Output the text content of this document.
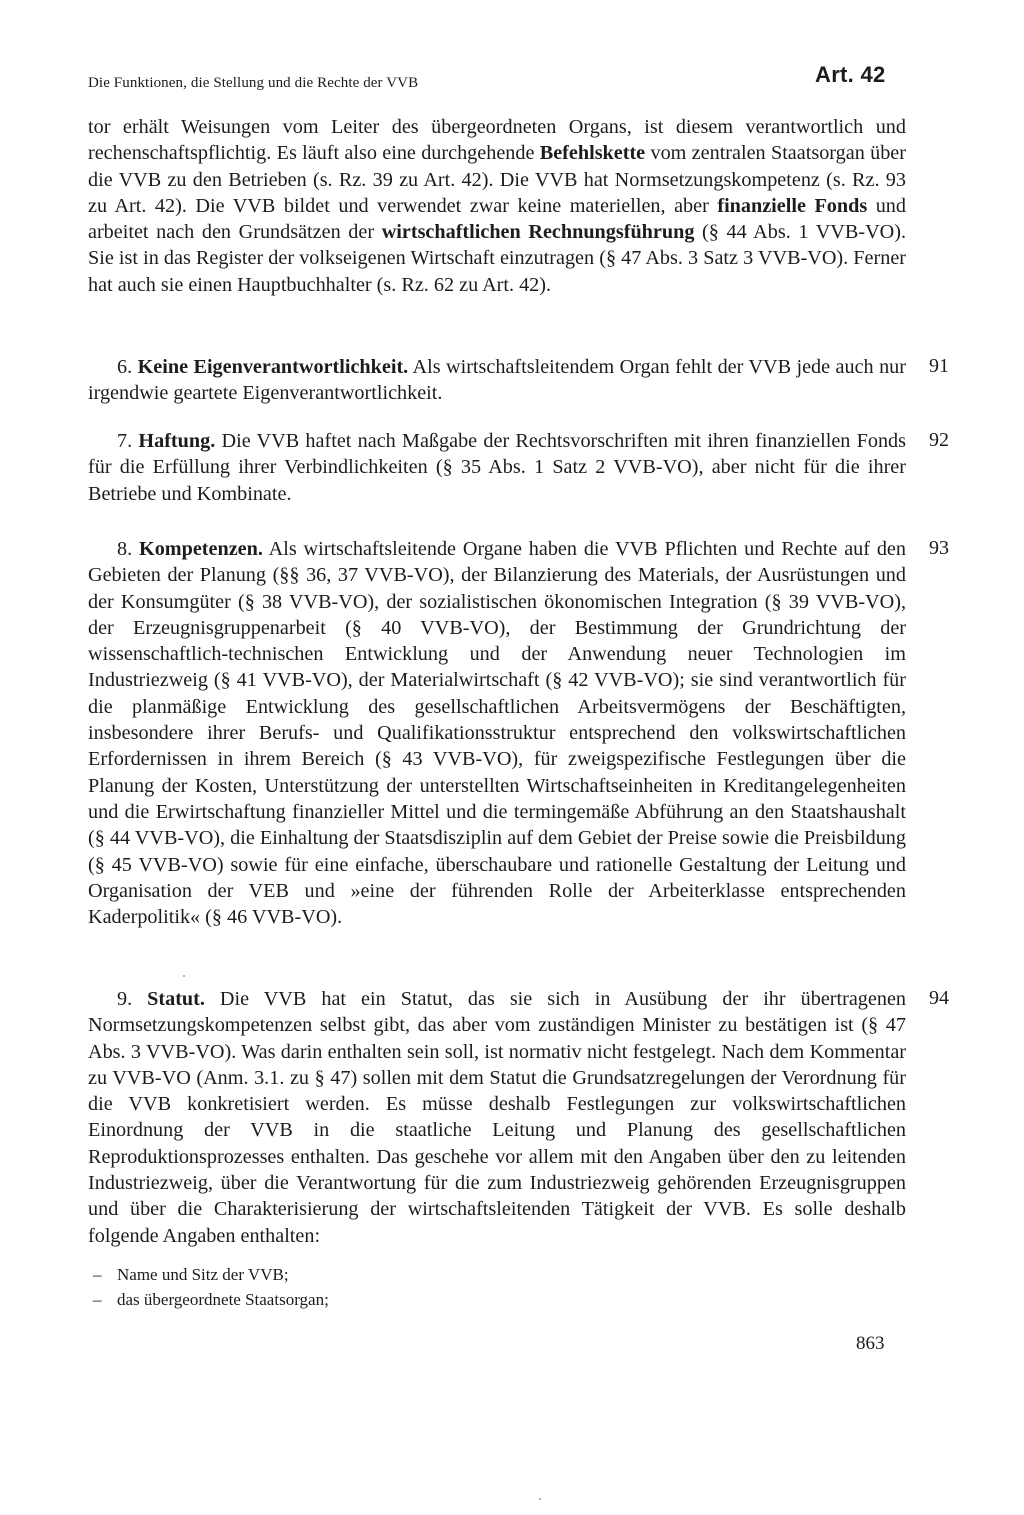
Die Funktionen, die Stellung und die Rechte der VVB	Art. 42

tor erhält Weisungen vom Leiter des übergeordneten Organs, ist diesem verantwortlich und rechenschaftspflichtig. Es läuft also eine durchgehende Befehlskette vom zentralen Staatsorgan über die VVB zu den Betrieben (s. Rz. 39 zu Art. 42). Die VVB hat Normsetzungskompetenz (s. Rz. 93 zu Art. 42). Die VVB bildet und verwendet zwar keine materiellen, aber finanzielle Fonds und arbeitet nach den Grundsätzen der wirtschaftlichen Rechnungsführung (§ 44 Abs. 1 VVB-VO). Sie ist in das Register der volkseigenen Wirtschaft einzutragen (§ 47 Abs. 3 Satz 3 VVB-VO). Ferner hat auch sie einen Hauptbuchhalter (s. Rz. 62 zu Art. 42).

91

6. Keine Eigenverantwortlichkeit. Als wirtschaftsleitendem Organ fehlt der VVB jede auch nur irgendwie geartete Eigenverantwortlichkeit.

92

7. Haftung. Die VVB haftet nach Maßgabe der Rechtsvorschriften mit ihren finanziellen Fonds für die Erfüllung ihrer Verbindlichkeiten (§ 35 Abs. 1 Satz 2 VVB-VO), aber nicht für die ihrer Betriebe und Kombinate.

93

8. Kompetenzen. Als wirtschaftsleitende Organe haben die VVB Pflichten und Rechte auf den Gebieten der Planung (§§ 36, 37 VVB-VO), der Bilanzierung des Materials, der Ausrüstungen und der Konsumgüter (§ 38 VVB-VO), der sozialistischen ökonomischen Integration (§ 39 VVB-VO), der Erzeugnisgruppenarbeit (§ 40 VVB-VO), der Bestimmung der Grundrichtung der wissenschaftlich-technischen Entwicklung und der Anwendung neuer Technologien im Industriezweig (§ 41 VVB-VO), der Materialwirtschaft (§ 42 VVB-VO); sie sind verantwortlich für die planmäßige Entwicklung des gesellschaftlichen Arbeitsvermögens der Beschäftigten, insbesondere ihrer Berufs- und Qualifikationsstruktur entsprechend den volkswirtschaftlichen Erfordernissen in ihrem Bereich (§ 43 VVB-VO), für zweigspezifische Festlegungen über die Planung der Kosten, Unterstützung der unterstellten Wirtschaftseinheiten in Kreditangelegenheiten und die Erwirtschaftung finanzieller Mittel und die termingemäße Abführung an den Staatshaushalt (§ 44 VVB-VO), die Einhaltung der Staatsdisziplin auf dem Gebiet der Preise sowie die Preisbildung (§ 45 VVB-VO) sowie für eine einfache, überschaubare und rationelle Gestaltung der Leitung und Organisation der VEB und »eine der führenden Rolle der Arbeiterklasse entsprechenden Kaderpolitik« (§ 46 VVB-VO).

94

9. Statut. Die VVB hat ein Statut, das sie sich in Ausübung der ihr übertragenen Normsetzungskompetenzen selbst gibt, das aber vom zuständigen Minister zu bestätigen ist (§ 47 Abs. 3 VVB-VO). Was darin enthalten sein soll, ist normativ nicht festgelegt. Nach dem Kommentar zu VVB-VO (Anm. 3.1. zu § 47) sollen mit dem Statut die Grundsatzregelungen der Verordnung für die VVB konkretisiert werden. Es müsse deshalb Festlegungen zur volkswirtschaftlichen Einordnung der VVB in die staatliche Leitung und Planung des gesellschaftlichen Reproduktionsprozesses enthalten. Das geschehe vor allem mit den Angaben über den zu leitenden Industriezweig, über die Verantwortung für die zum Industriezweig gehörenden Erzeugnisgruppen und über die Charakterisierung der wirtschaftsleitenden Tätigkeit der VVB. Es solle deshalb folgende Angaben enthalten:

– Name und Sitz der VVB;
– das übergeordnete Staatsorgan;
863
